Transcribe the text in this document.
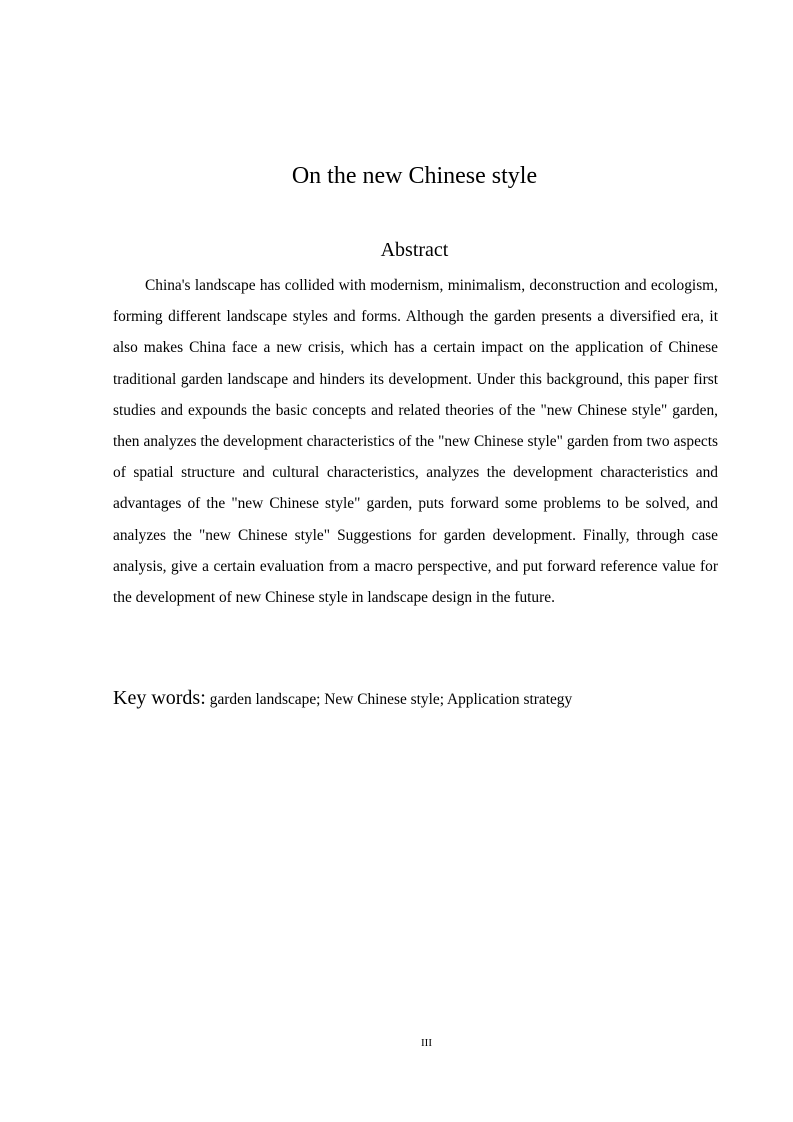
On the new Chinese style
Abstract

China's landscape has collided with modernism, minimalism, deconstruction and ecologism, forming different landscape styles and forms. Although the garden presents a diversified era, it also makes China face a new crisis, which has a certain impact on the application of Chinese traditional garden landscape and hinders its development. Under this background, this paper first studies and expounds the basic concepts and related theories of the "new Chinese style" garden, then analyzes the development characteristics of the "new Chinese style" garden from two aspects of spatial structure and cultural characteristics, analyzes the development characteristics and advantages of the "new Chinese style" garden, puts forward some problems to be solved, and analyzes the "new Chinese style" Suggestions for garden development. Finally, through case analysis, give a certain evaluation from a macro perspective, and put forward reference value for the development of new Chinese style in landscape design in the future.

Key words: garden landscape; New Chinese style; Application strategy
III
